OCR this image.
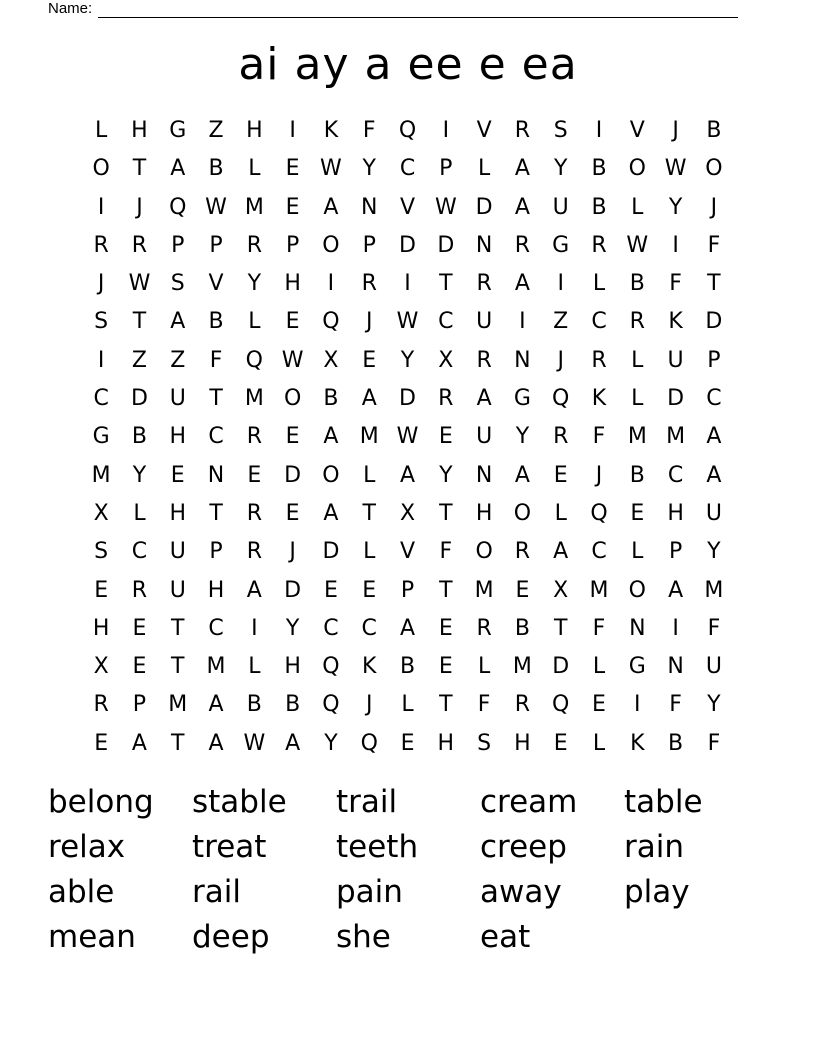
Name:
ai ay a ee e ea
L	H G	Z	H	I	K	F	Q	I	V	R	S	I	V	J	B
O	T	A	B	L	E W Y	C	P	L	A	Y	B	O W O
I	J	Q W M E	A	N	V W D	A	U	B	L	Y	J
R	R	P	P	R	P	O	P	D D N	R	G	R W	I	F
J	W S	V	Y	H	I	R	I	T	R	A	I	L	B	F	T
S	T	A	B	L	E	Q	J	W C	U	I	Z	C	R	K	D
I	Z	Z	F	Q W X	E	Y	X	R	N	J	R	L	U	P
C	D U	T	M O	B	A	D	R	A	G Q	K	L	D	C
G	B	H	C	R	E	A M W E	U	Y	R	F	M M A
M	Y	E	N	E	D O	L	A	Y	N	A	E	J	B	C	A
X	L	H	T	R	E	A	T	X	T	H O	L	Q	E	H U
S	C	U	P	R	J	D	L	V	F	O R	A	C	L	P	Y
E	R	U H	A	D	E	E	P	T	M E	X M O	A M
H	E	T	C	I	Y	C	C	A	E	R	B	T	F	N	I	F
X	E	T	M	L	H Q	K	B	E	L	M D	L	G N	U
R	P	M A	B	B	Q	J	L	T	F	R Q	E	I	F	Y
E	A	T	A W A	Y	Q	E	H	S	H	E	L	K	B	F
belong	stable	trail	cream	table
relax	treat	teeth	creep	rain
able	rail	pain	away	play
mean	deep	she	eat
